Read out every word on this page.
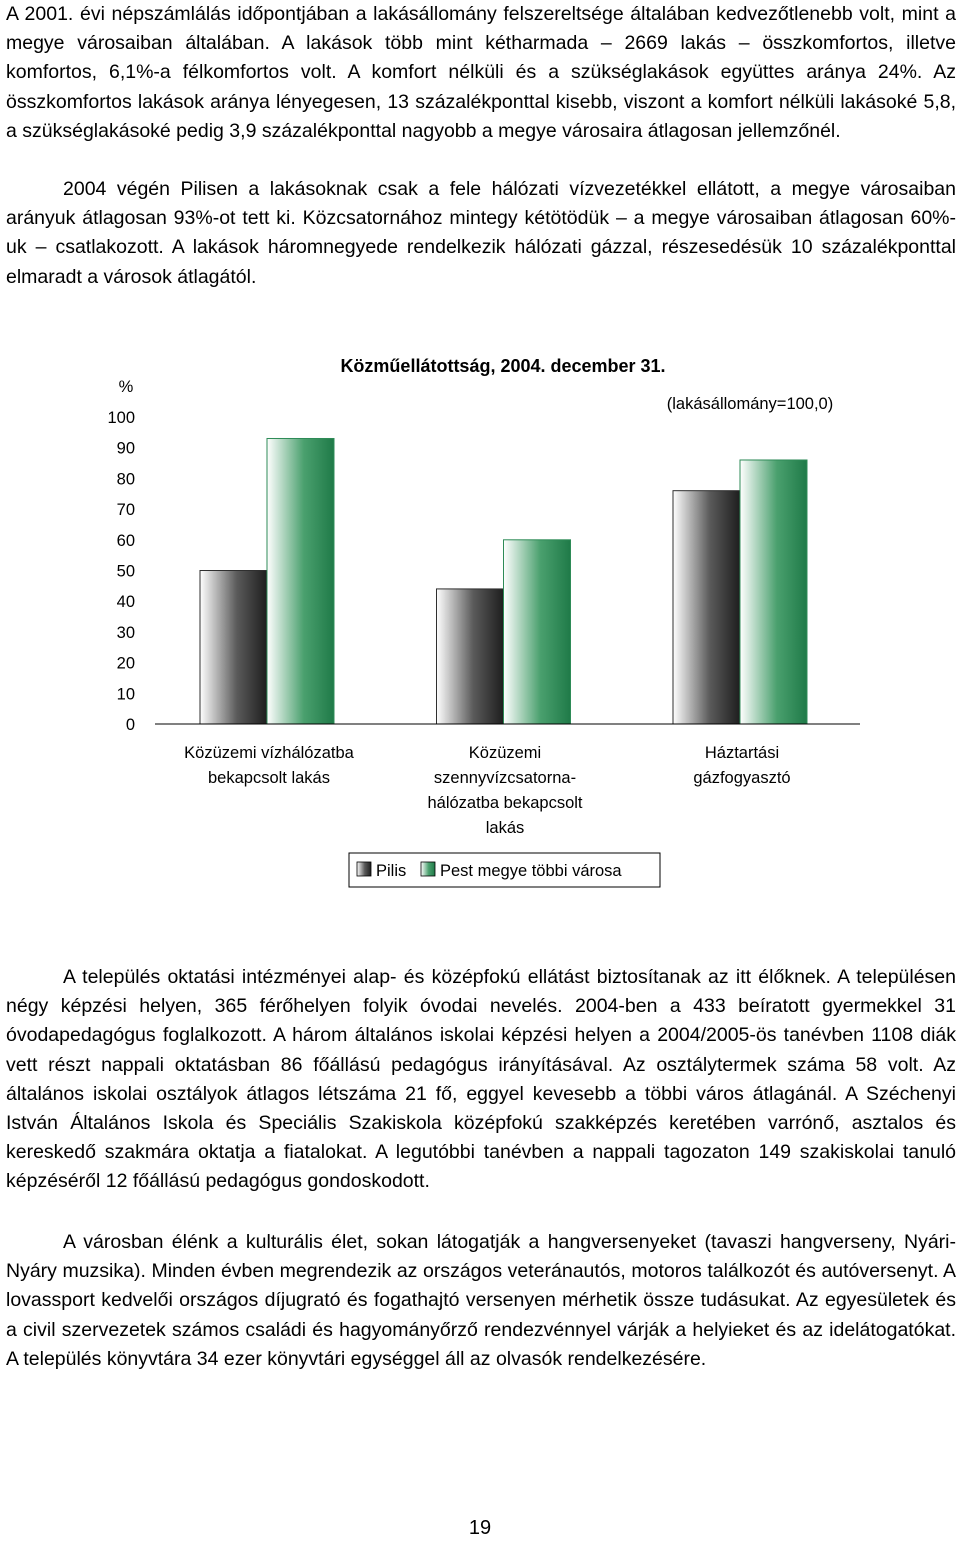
A 2001. évi népszámlálás időpontjában a lakásállomány felszereltsége általában kedvezőtlenebb volt, mint a megye városaiban általában. A lakások több mint kétharmada – 2669 lakás – összkomfortos, illetve komfortos, 6,1%-a félkomfortos volt. A komfort nélküli és a szükséglakások együttes aránya 24%. Az összkomfortos lakások aránya lényegesen, 13 százalékponttal kisebb, viszont a komfort nélküli lakásoké 5,8, a szükséglakásoké pedig 3,9 százalékponttal nagyobb a megye városaira átlagosan jellemzőnél.

2004 végén Pilisen a lakásoknak csak a fele hálózati vízvezetékkel ellátott, a megye városaiban arányuk átlagosan 93%-ot tett ki. Közcsatornához mintegy kétötödük – a megye városaiban átlagosan 60%-uk – csatlakozott. A lakások háromnegyede rendelkezik hálózati gázzal, részesedésük 10 százalékponttal elmaradt a városok átlagától.

Közműellátottság, 2004. december 31.
(lakásállomány=100,0)
%
0
10
20
30
40
50
60
70
80
90
100
Közüzemi vízhálózatba bekapcsolt lakás
Közüzemi szennyvízcsatorna-hálózatba bekapcsolt lakás
Háztartási gázfogyasztó
Pilis Pest megye többi városa

A település oktatási intézményei alap- és középfokú ellátást biztosítanak az itt élőknek. A településen négy képzési helyen, 365 férőhelyen folyik óvodai nevelés. 2004-ben a 433 beíratott gyermekkel 31 óvodapedagógus foglalkozott. A három általános iskolai képzési helyen a 2004/2005-ös tanévben 1108 diák vett részt nappali oktatásban 86 főállású pedagógus irányításával. Az osztálytermek száma 58 volt. Az általános iskolai osztályok átlagos létszáma 21 fő, eggyel kevesebb a többi város átlagánál. A Széchenyi István Általános Iskola és Speciális Szakiskola középfokú szakképzés keretében varrónő, asztalos és kereskedő szakmára oktatja a fiatalokat. A legutóbbi tanévben a nappali tagozaton 149 szakiskolai tanuló képzéséről 12 főállású pedagógus gondoskodott.

A városban élénk a kulturális élet, sokan látogatják a hangversenyeket (tavaszi hangverseny, Nyári-Nyáry muzsika). Minden évben megrendezik az országos veteránautós, motoros találkozót és autóversenyt. A lovassport kedvelői országos díjugrató és fogathajtó versenyen mérhetik össze tudásukat. Az egyesületek és a civil szervezetek számos családi és hagyományőrző rendezvénnyel várják a helyieket és az idelátogatókat. A település könyvtára 34 ezer könyvtári egységgel áll az olvasók rendelkezésére.

19
